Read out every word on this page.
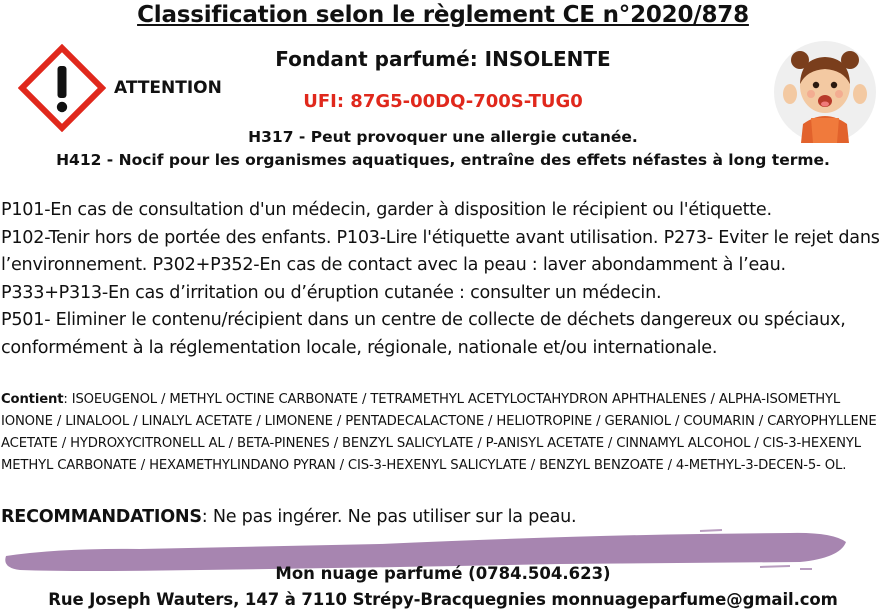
Classification selon le règlement CE n°2020/878
ATTENTION
Fondant parfumé: INSOLENTE
UFI: 87G5-00DQ-700S-TUG0
H317 - Peut provoquer une allergie cutanée.
H412 - Nocif pour les organismes aquatiques, entraîne des effets néfastes à long terme.

P101-En cas de consultation d'un médecin, garder à disposition le récipient ou l'étiquette.

P102-Tenir hors de portée des enfants. P103-Lire l'étiquette avant utilisation. P273- Eviter le rejet dans l’environnement. P302+P352-En cas de contact avec la peau : laver abondamment à l’eau.

P333+P313-En cas d’irritation ou d’éruption cutanée : consulter un médecin.

P501- Eliminer le contenu/récipient dans un centre de collecte de déchets dangereux ou spéciaux, conformément à la réglementation locale, régionale, nationale et/ou internationale.

Contient: ISOEUGENOL / METHYL OCTINE CARBONATE / TETRAMETHYL ACETYLOCTAHYDRON APHTHALENES / ALPHA-ISOMETHYL IONONE / LINALOOL / LINALYL ACETATE / LIMONENE / PENTADECALACTONE / HELIOTROPINE / GERANIOL / COUMARIN / CARYOPHYLLENE ACETATE / HYDROXYCITRONELL AL / BETA-PINENES / BENZYL SALICYLATE / P-ANISYL ACETATE / CINNAMYL ALCOHOL / CIS-3-HEXENYL METHYL CARBONATE / HEXAMETHYLINDANO PYRAN / CIS-3-HEXENYL SALICYLATE / BENZYL BENZOATE / 4-METHYL-3-DECEN-5- OL.
RECOMMANDATIONS: Ne pas ingérer. Ne pas utiliser sur la peau.
Mon nuage parfumé (0784.504.623)
Rue Joseph Wauters, 147 à 7110 Strépy-Bracquegnies monnuageparfume@gmail.com
